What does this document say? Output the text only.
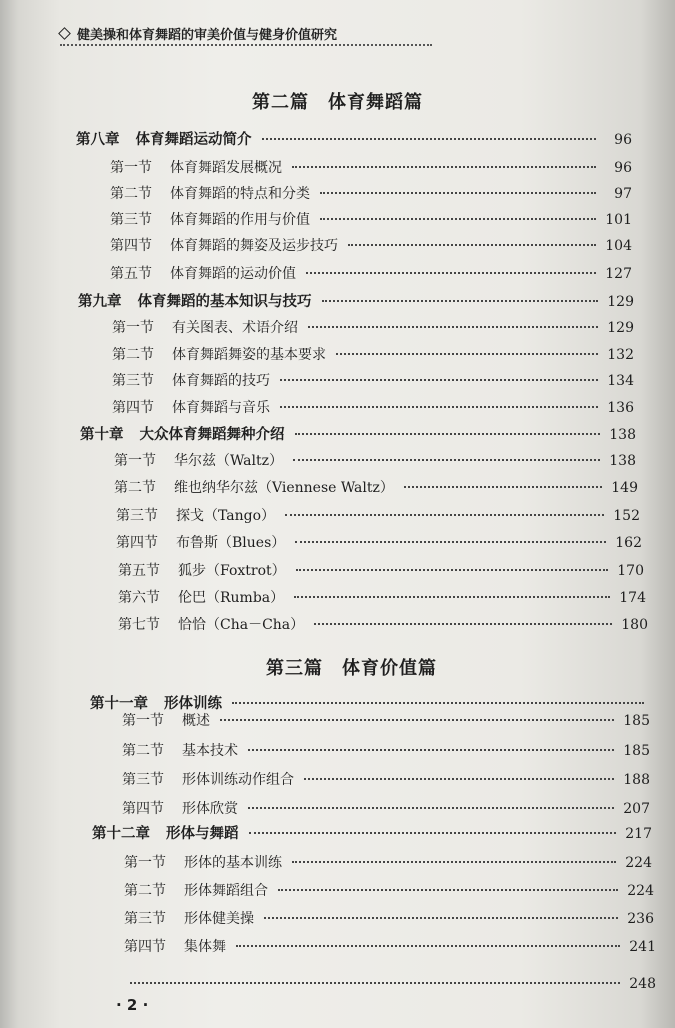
健美操和体育舞蹈的审美价值与健身价值研究
第二篇　体育舞蹈篇
第八章 体育舞蹈运动简介	96
第一节 体育舞蹈发展概况	96
第二节 体育舞蹈的特点和分类	97
第三节 体育舞蹈的作用与价值	101
第四节 体育舞蹈的舞姿及运步技巧	104
第五节 体育舞蹈的运动价值	127
第九章 体育舞蹈的基本知识与技巧	129
第一节 有关图表、术语介绍	129
第二节 体育舞蹈舞姿的基本要求	132
第三节 体育舞蹈的技巧	134
第四节 体育舞蹈与音乐	136
第十章 大众体育舞蹈舞种介绍	138
第一节 华尔兹（Waltz）	138
第二节 维也纳华尔兹（Viennese Waltz）	149
第三节 探戈（Tango）	152
第四节 布鲁斯（Blues）	162
第五节 狐步（Foxtrot）	170
第六节 伦巴（Rumba）	174
第七节 恰恰（Cha－Cha）	180
第三篇　体育价值篇
第十一章 形体训练
第一节 概述	185
第二节 基本技术	185
第三节 形体训练动作组合	188
第四节 形体欣赏	207
第十二章 形体与舞蹈	217
第一节 形体的基本训练	224
第二节 形体舞蹈组合	224
第三节 形体健美操	236
第四节 集体舞	241
248
· 2 ·
